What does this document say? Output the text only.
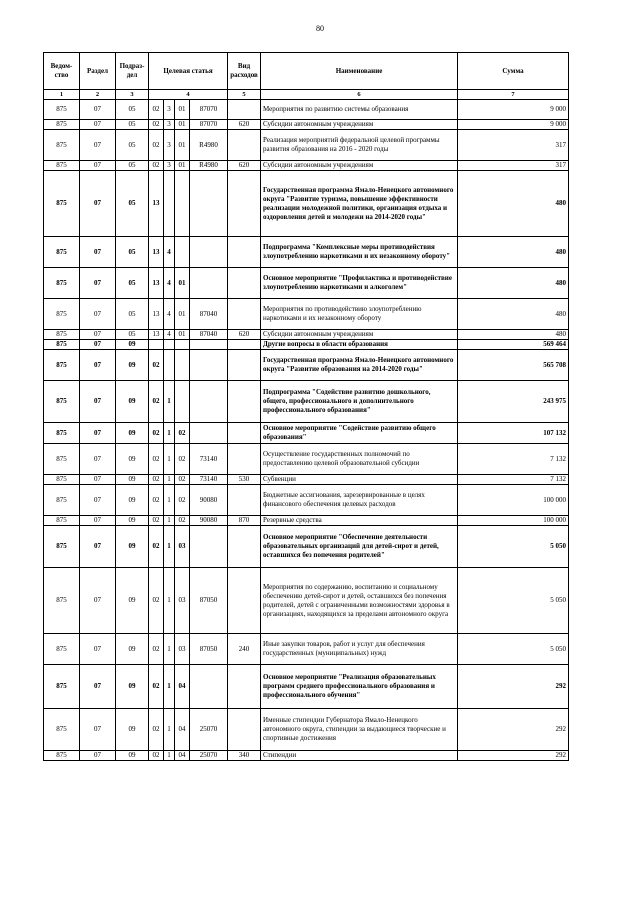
80
Ведом-ство	Раздел	Подраз-дел	Целевая статья				Вид расходов	Наименование	Сумма
1	2	3	4				5	6	7
875	07	05	02	3	01	87070		Мероприятия по развитию системы образования	9 000
875	07	05	02	3	01	87070	620	Субсидии автономным учреждениям	9 000
875	07	05	02	3	01	R4980		Реализация мероприятий федеральной целевой программы развития образования на 2016 - 2020 годы	317
875	07	05	02	3	01	R4980	620	Субсидии автономным учреждениям	317
875	07	05	13					Государственная программа Ямало-Ненецкого автономного округа "Развитие туризма, повышение эффективности реализации молодежной политики, организация отдыха и оздоровления детей и молодежи на 2014-2020 годы"	480
875	07	05	13	4				Подпрограмма "Комплексные меры противодействия злоупотреблению наркотиками и их незаконному обороту"	480
875	07	05	13	4	01			Основное мероприятие "Профилактика и противодействие злоупотреблению наркотиками и алкоголем"	480
875	07	05	13	4	01	87040		Мероприятия по противодействию злоупотреблению наркотиками и их незаконному обороту	480
875	07	05	13	4	01	87040	620	Субсидии автономным учреждениям	480
875	07	09						Другие вопросы в области образования	569 464
875	07	09	02					Государственная программа Ямало-Ненецкого автономного округа "Развитие образования на 2014-2020 годы"	565 708
875	07	09	02	1				Подпрограмма "Содействие развитию дошкольного, общего, профессионального и дополнительного профессионального образования"	243 975
875	07	09	02	1	02			Основное мероприятие "Содействие развитию общего образования"	107 132
875	07	09	02	1	02	73140		Осуществление государственных полномочий по предоставлению целевой образовательной субсидии	7 132
875	07	09	02	1	02	73140	530	Субвенции	7 132
875	07	09	02	1	02	90080		Бюджетные ассигнования, зарезервированные в целях финансового обеспечения целевых расходов	100 000
875	07	09	02	1	02	90080	870	Резервные средства	100 000
875	07	09	02	1	03			Основное мероприятие "Обеспечение деятельности образовательных организаций для детей-сирот и детей, оставшихся без попечения родителей"	5 050
875	07	09	02	1	03	87050		Мероприятия по содержанию, воспитанию и социальному обеспечению детей-сирот и детей, оставшихся без попечения родителей, детей с ограниченными возможностями здоровья в организациях, находящихся за пределами автономного округа	5 050
875	07	09	02	1	03	87050	240	Иные закупки товаров, работ и услуг для обеспечения государственных (муниципальных) нужд	5 050
875	07	09	02	1	04			Основное мероприятие "Реализация образовательных программ среднего профессионального образования и профессионального обучения"	292
875	07	09	02	1	04	25070		Именные стипендии Губернатора Ямало-Ненецкого автономного округа, стипендии за выдающиеся творческие и спортивные достижения	292
875	07	09	02	1	04	25070	340	Стипендии	292
